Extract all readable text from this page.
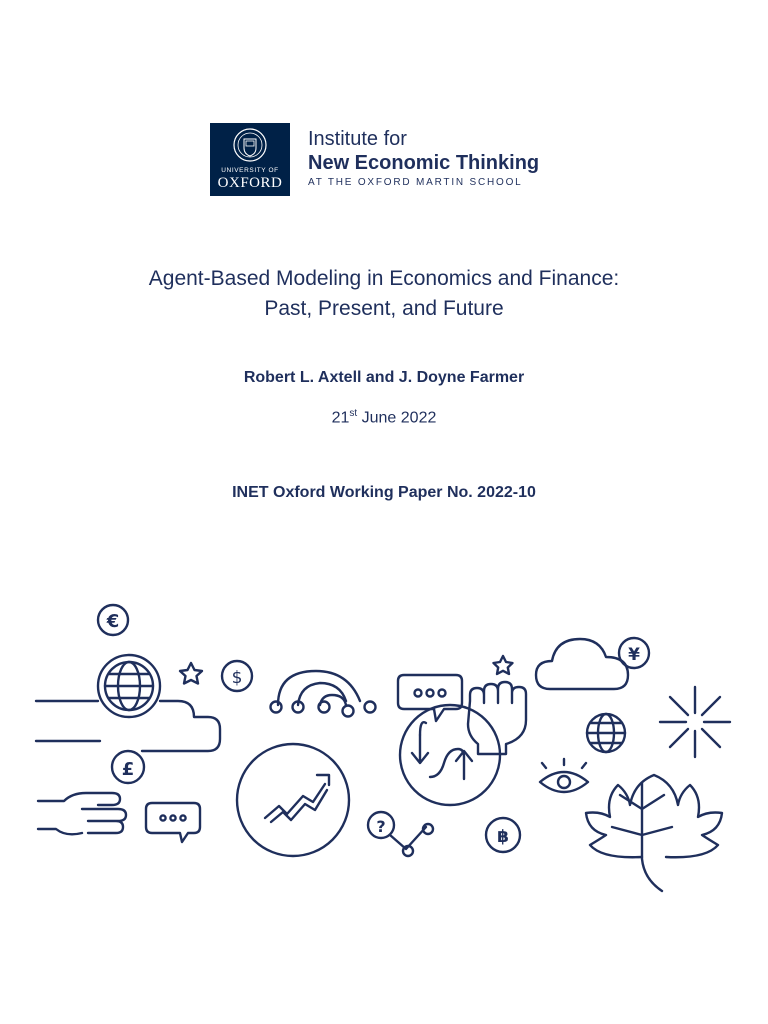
UNIVERSITY OF
OXFORD
Institute for
New Economic Thinking
AT THE OXFORD MARTIN SCHOOL
Agent-Based Modeling in Economics and Finance:
Past, Present, and Future
Robert L. Axtell and J. Doyne Farmer
21st June 2022
INET Oxford Working Paper No. 2022-10
€
$
£
¥
?
฿
